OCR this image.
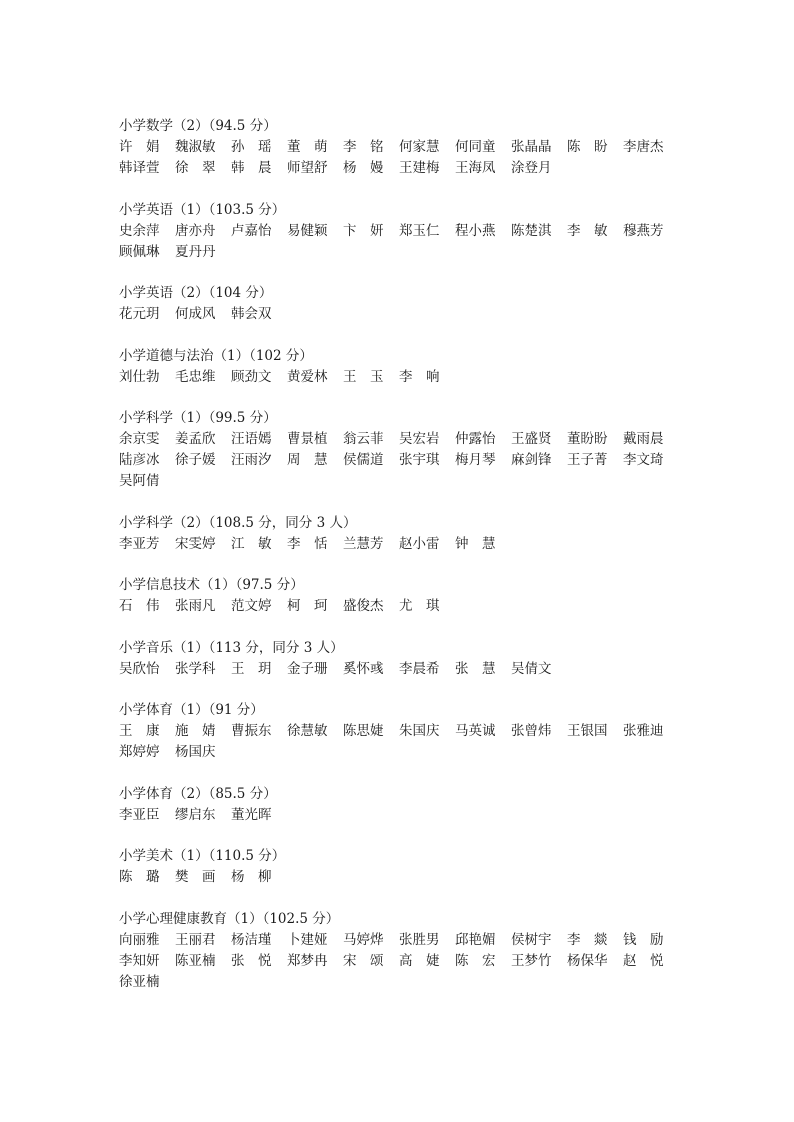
小学数学（2）（94.5 分）
许　娟	魏淑敏	孙　瑶	董　萌	李　铭	何家慧	何同童	张晶晶	陈　盼	李唐杰
韩译萱	徐　翠	韩　晨	师望舒	杨　嫚	王建梅	王海凤	涂登月
小学英语（1）（103.5 分）
史余萍	唐亦舟	卢嘉怡	易健颖	卞　妍	郑玉仁	程小燕	陈楚淇	李　敏	穆燕芳
顾佩琳	夏丹丹
小学英语（2）（104 分）
花元玥	何成风	韩会双
小学道德与法治（1）（102 分）
刘仕勃	毛忠维	顾劲文	黄爱林	王　玉	李　响
小学科学（1）（99.5 分）
余京雯	姜孟欣	汪语嫣	曹景植	翁云菲	吴宏岩	仲露怡	王盛贤	董盼盼	戴雨晨
陆彦冰	徐子媛	汪雨汐	周　慧	侯儒道	张宇琪	梅月琴	麻剑锋	王子菁	李文琦
吴阿倩
小学科学（2）（108.5 分，同分 3 人）
李亚芳	宋雯婷	江　敏	李　恬	兰慧芳	赵小雷	钟　慧
小学信息技术（1）（97.5 分）
石　伟	张雨凡	范文婷	柯　珂	盛俊杰	尤　琪
小学音乐（1）（113 分，同分 3 人）
吴欣怡	张学科	王　玥	金子珊	奚怀彧	李晨希	张　慧	吴倩文
小学体育（1）（91 分）
王　康	施　婧	曹振东	徐慧敏	陈思婕	朱国庆	马英诚	张曾炜	王银国	张雅迪
郑婷婷	杨国庆
小学体育（2）（85.5 分）
李亚臣	缪启东	董光晖
小学美术（1）（110.5 分）
陈　璐	樊　画	杨　柳
小学心理健康教育（1）（102.5 分）
向丽雅	王丽君	杨洁瑾	卜建娅	马婷烨	张胜男	邱艳媚	侯树宇	李　燚	钱　励
李知妍	陈亚楠	张　悦	郑梦冉	宋　颂	高　婕	陈　宏	王梦竹	杨保华	赵　悦
徐亚楠
